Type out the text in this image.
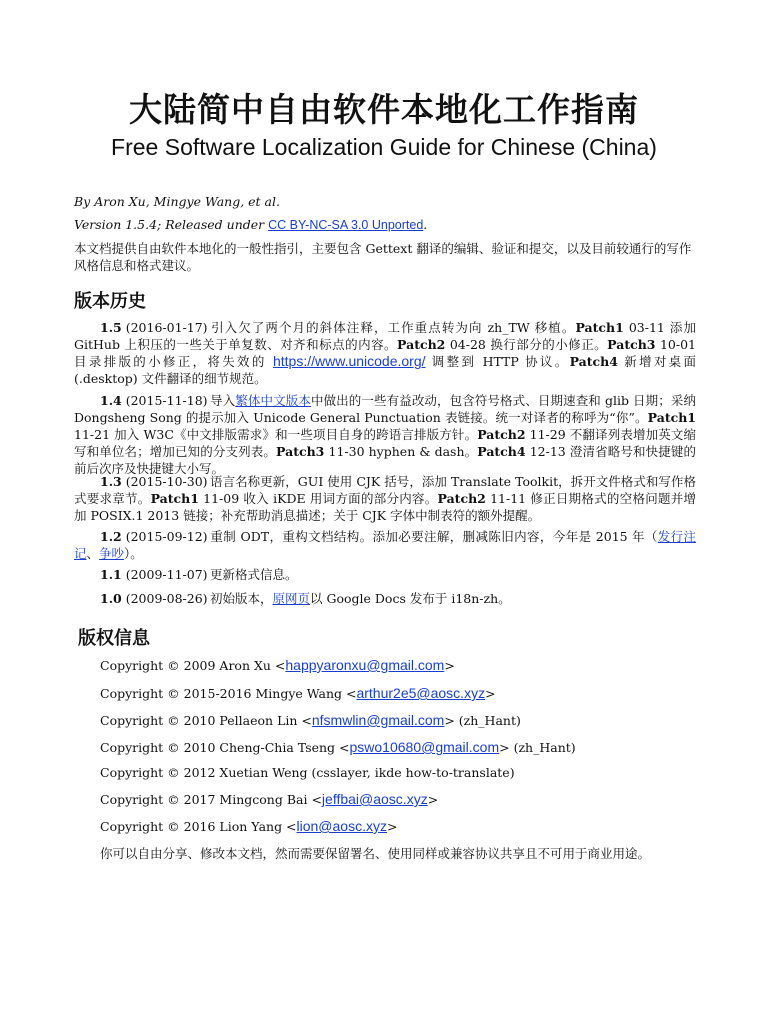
大陆简中自由软件本地化工作指南
Free Software Localization Guide for Chinese (China)
By Aron Xu, Mingye Wang, et al.
Version 1.5.4; Released under CC BY-NC-SA 3.0 Unported.
本文档提供自由软件本地化的一般性指引，主要包含 Gettext 翻译的编辑、验证和提交，以及目前较通行的写作风格信息和格式建议。
版本历史
1.5 (2016-01-17) 引入欠了两个月的斜体注释，工作重点转为向 zh_TW 移植。Patch1 03-11 添加 GitHub 上积压的一些关于单复数、对齐和标点的内容。Patch2 04-28 换行部分的小修正。Patch3 10-01 目录排版的小修正，将失效的 https://www.unicode.org/ 调整到 HTTP 协议。Patch4 新增对桌面 (.desktop) 文件翻译的细节规范。
1.4 (2015-11-18) 导入繁体中文版本中做出的一些有益改动，包含符号格式、日期速查和 glib 日期；采纳 Dongsheng Song 的提示加入 Unicode General Punctuation 表链接。统一对译者的称呼为“你”。Patch1 11-21 加入 W3C《中文排版需求》和一些项目自身的跨语言排版方针。Patch2 11-29 不翻译列表增加英文缩写和单位名；增加已知的分支列表。Patch3 11-30 hyphen & dash。Patch4 12-13 澄清省略号和快捷键的前后次序及快捷键大小写。
1.3 (2015-10-30) 语言名称更新，GUI 使用 CJK 括号，添加 Translate Toolkit，拆开文件格式和写作格式要求章节。Patch1 11-09 收入 iKDE 用词方面的部分内容。Patch2 11-11 修正日期格式的空格问题并增加 POSIX.1 2013 链接；补充帮助消息描述；关于 CJK 字体中制表符的额外提醒。
1.2 (2015-09-12) 重制 ODT，重构文档结构。添加必要注解，删减陈旧内容，今年是 2015 年（发行注记、争吵）。
1.1 (2009-11-07) 更新格式信息。
1.0 (2009-08-26) 初始版本，原网页以 Google Docs 发布于 i18n-zh。
版权信息
Copyright © 2009 Aron Xu <happyaronxu@gmail.com>
Copyright © 2015-2016 Mingye Wang <arthur2e5@aosc.xyz>
Copyright © 2010 Pellaeon Lin <nfsmwlin@gmail.com> (zh_Hant)
Copyright © 2010 Cheng-Chia Tseng <pswo10680@gmail.com> (zh_Hant)
Copyright © 2012 Xuetian Weng (csslayer, ikde how-to-translate)
Copyright © 2017 Mingcong Bai <jeffbai@aosc.xyz>
Copyright © 2016 Lion Yang <lion@aosc.xyz>
你可以自由分享、修改本文档，然而需要保留署名、使用同样或兼容协议共享且不可用于商业用途。
